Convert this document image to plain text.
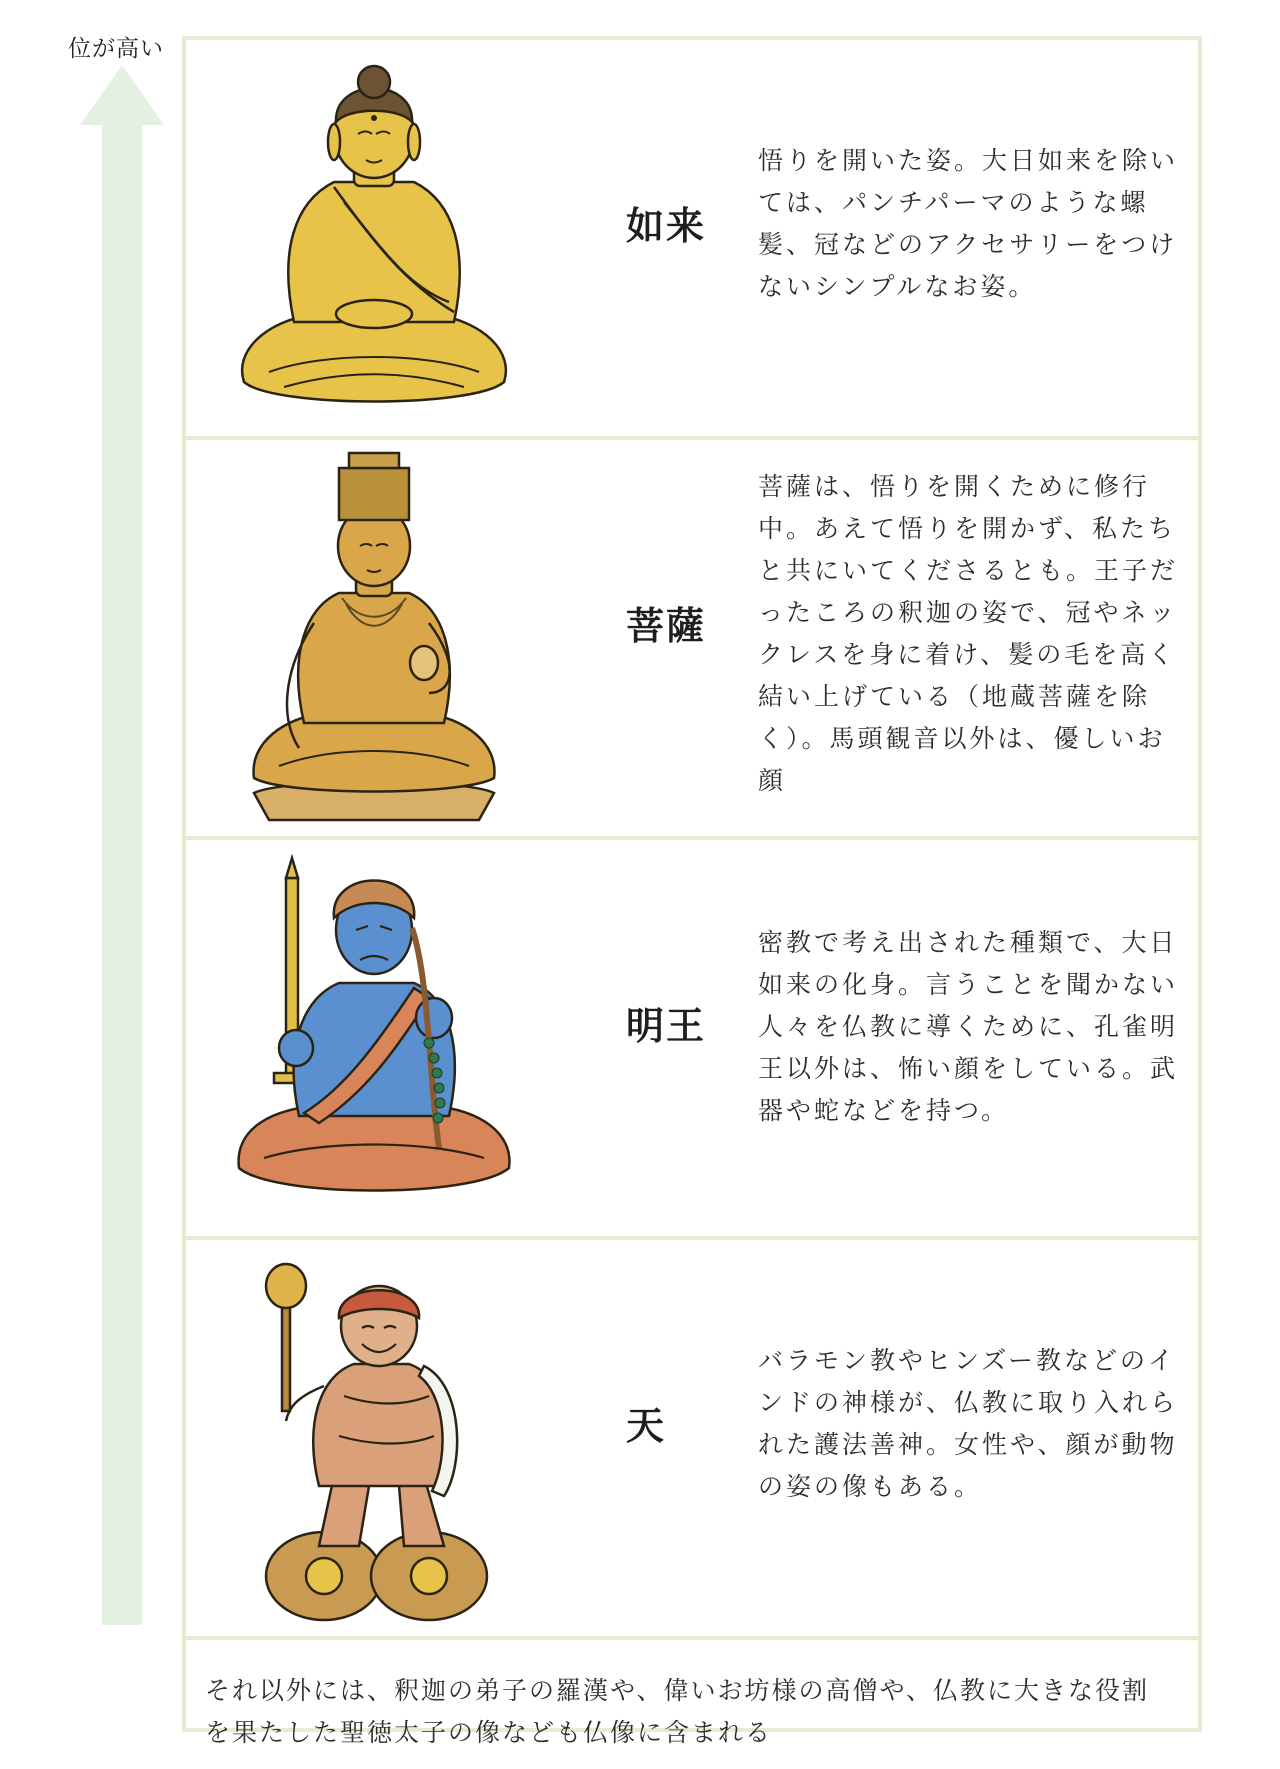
位が高い
如来

悟りを開いた姿。大日如来を除いては、パンチパーマのような螺髪、冠などのアクセサリーをつけないシンプルなお姿。

菩薩

菩薩は、悟りを開くために修行中。あえて悟りを開かず、私たちと共にいてくださるとも。王子だったころの釈迦の姿で、冠やネックレスを身に着け、髪の毛を高く結い上げている（地蔵菩薩を除く）。馬頭観音以外は、優しいお顔

明王

密教で考え出された種類で、大日如来の化身。言うことを聞かない人々を仏教に導くために、孔雀明王以外は、怖い顔をしている。武器や蛇などを持つ。

天

バラモン教やヒンズー教などのインドの神様が、仏教に取り入れられた護法善神。女性や、顔が動物の姿の像もある。

それ以外には、釈迦の弟子の羅漢や、偉いお坊様の高僧や、仏教に大きな役割を果たした聖徳太子の像なども仏像に含まれる
